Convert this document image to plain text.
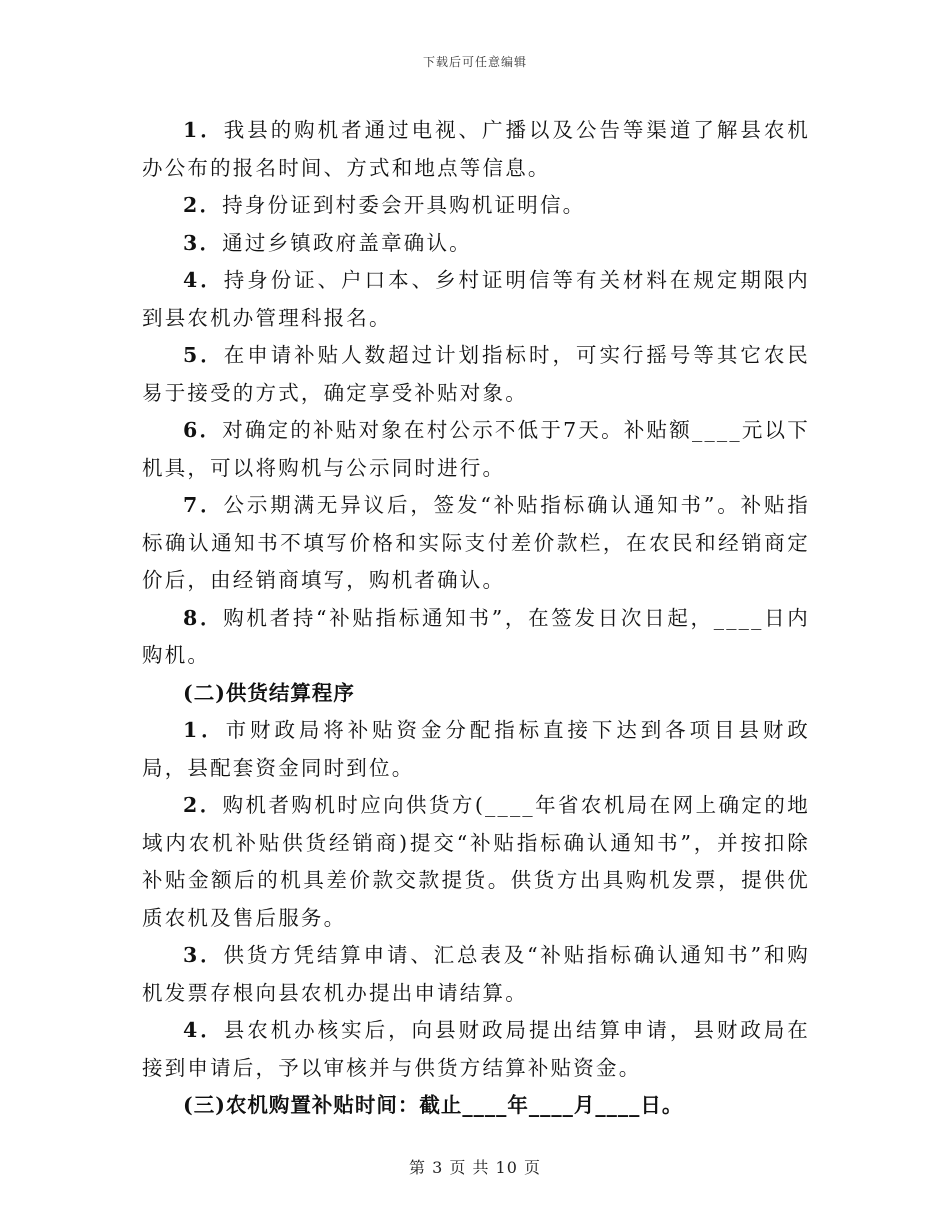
下载后可任意编辑

1．我县的购机者通过电视、广播以及公告等渠道了解县农机办公布的报名时间、方式和地点等信息。

2．持身份证到村委会开具购机证明信。

3．通过乡镇政府盖章确认。

4．持身份证、户口本、乡村证明信等有关材料在规定期限内到县农机办管理科报名。

5．在申请补贴人数超过计划指标时，可实行摇号等其它农民易于接受的方式，确定享受补贴对象。

6．对确定的补贴对象在村公示不低于7天。补贴额____元以下机具，可以将购机与公示同时进行。

7．公示期满无异议后，签发“补贴指标确认通知书”。补贴指标确认通知书不填写价格和实际支付差价款栏，在农民和经销商定价后，由经销商填写，购机者确认。

8．购机者持“补贴指标通知书”，在签发日次日起，____日内购机。

(二)供货结算程序

1．市财政局将补贴资金分配指标直接下达到各项目县财政局，县配套资金同时到位。

2．购机者购机时应向供货方(____年省农机局在网上确定的地域内农机补贴供货经销商)提交“补贴指标确认通知书”，并按扣除补贴金额后的机具差价款交款提货。供货方出具购机发票，提供优质农机及售后服务。

3．供货方凭结算申请、汇总表及“补贴指标确认通知书”和购机发票存根向县农机办提出申请结算。

4．县农机办核实后，向县财政局提出结算申请，县财政局在接到申请后，予以审核并与供货方结算补贴资金。

(三)农机购置补贴时间：截止____年____月____日。

第 3 页 共 10 页
